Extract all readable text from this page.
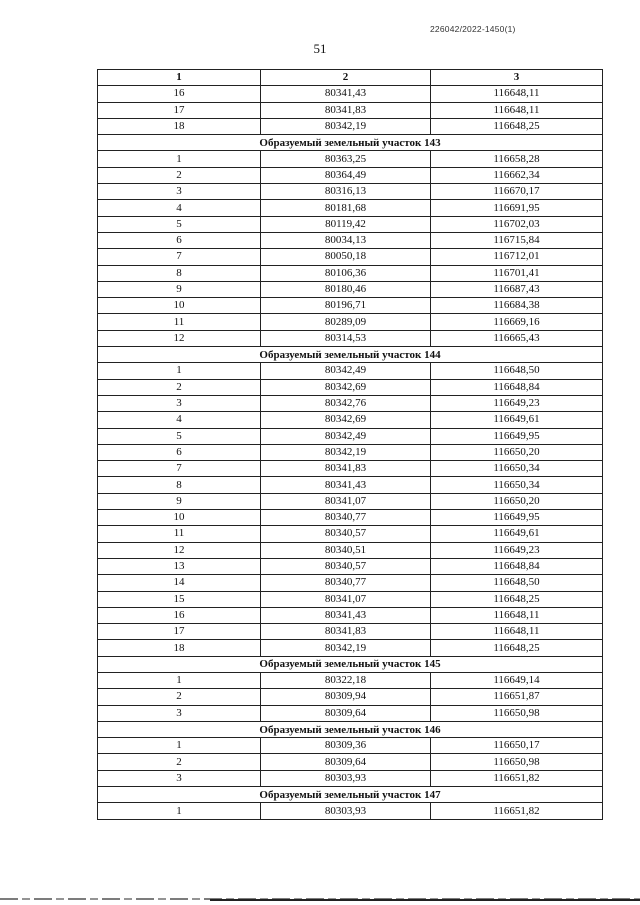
226042/2022-1450(1)
51
1	2	3
16	80341,43	116648,11
17	80341,83	116648,11
18	80342,19	116648,25
Образуемый земельный участок 143
1	80363,25	116658,28
2	80364,49	116662,34
3	80316,13	116670,17
4	80181,68	116691,95
5	80119,42	116702,03
6	80034,13	116715,84
7	80050,18	116712,01
8	80106,36	116701,41
9	80180,46	116687,43
10	80196,71	116684,38
11	80289,09	116669,16
12	80314,53	116665,43
Образуемый земельный участок 144
1	80342,49	116648,50
2	80342,69	116648,84
3	80342,76	116649,23
4	80342,69	116649,61
5	80342,49	116649,95
6	80342,19	116650,20
7	80341,83	116650,34
8	80341,43	116650,34
9	80341,07	116650,20
10	80340,77	116649,95
11	80340,57	116649,61
12	80340,51	116649,23
13	80340,57	116648,84
14	80340,77	116648,50
15	80341,07	116648,25
16	80341,43	116648,11
17	80341,83	116648,11
18	80342,19	116648,25
Образуемый земельный участок 145
1	80322,18	116649,14
2	80309,94	116651,87
3	80309,64	116650,98
Образуемый земельный участок 146
1	80309,36	116650,17
2	80309,64	116650,98
3	80303,93	116651,82
Образуемый земельный участок 147
1	80303,93	116651,82
